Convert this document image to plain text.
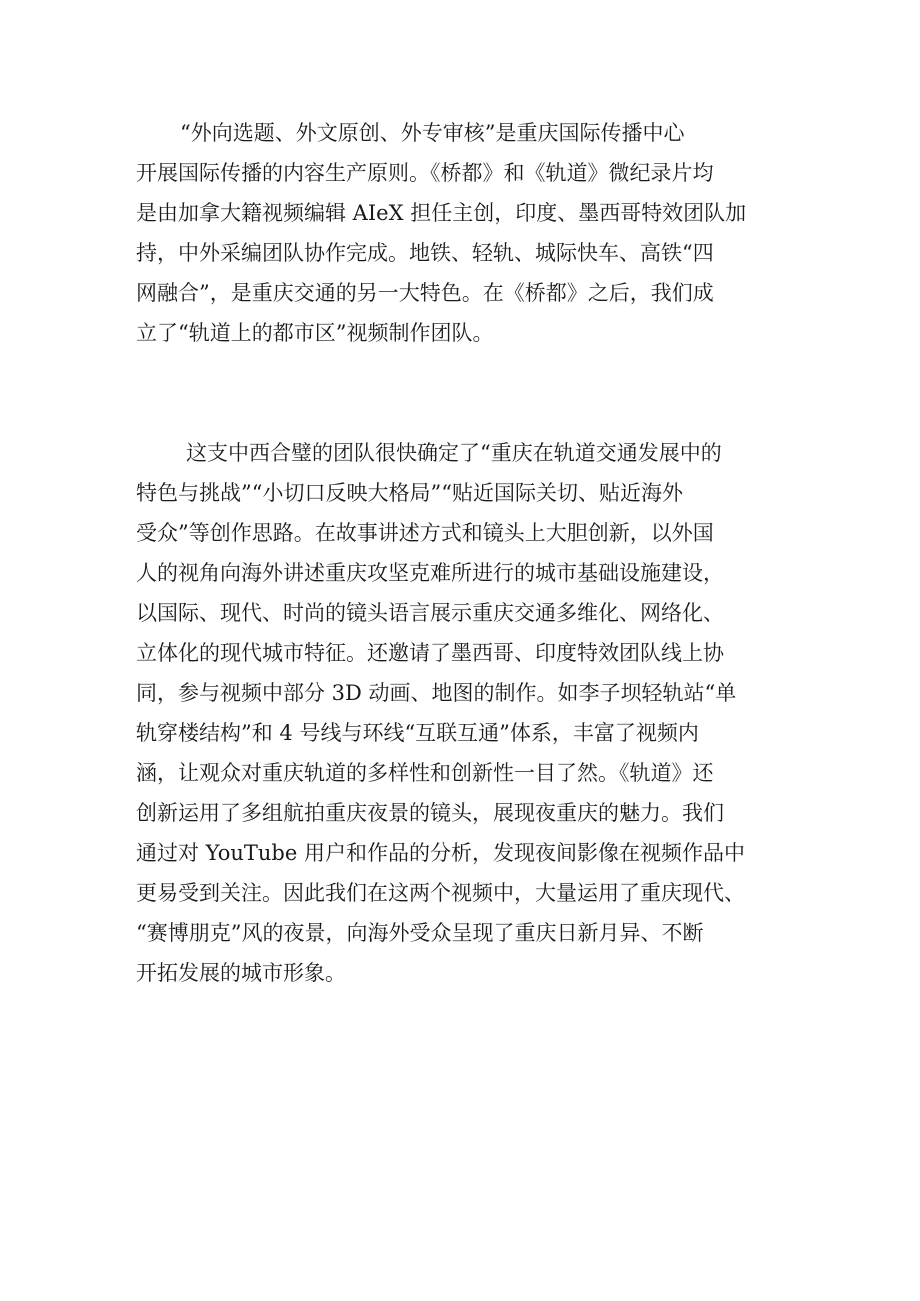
“外向选题、外文原创、外专审核”是重庆国际传播中心
开展国际传播的内容生产原则。《桥都》和《轨道》微纪录片均
是由加拿大籍视频编辑 AIeX 担任主创，印度、墨西哥特效团队加
持，中外采编团队协作完成。地铁、轻轨、城际快车、高铁“四
网融合”，是重庆交通的另一大特色。在《桥都》之后，我们成
立了“轨道上的都市区”视频制作团队。

这支中西合璧的团队很快确定了“重庆在轨道交通发展中的
特色与挑战”“小切口反映大格局”“贴近国际关切、贴近海外
受众”等创作思路。在故事讲述方式和镜头上大胆创新，以外国
人的视角向海外讲述重庆攻坚克难所进行的城市基础设施建设，
以国际、现代、时尚的镜头语言展示重庆交通多维化、网络化、
立体化的现代城市特征。还邀请了墨西哥、印度特效团队线上协
同，参与视频中部分 3D 动画、地图的制作。如李子坝轻轨站“单
轨穿楼结构”和 4 号线与环线“互联互通”体系，丰富了视频内
涵，让观众对重庆轨道的多样性和创新性一目了然。《轨道》还
创新运用了多组航拍重庆夜景的镜头，展现夜重庆的魅力。我们
通过对 YouTube 用户和作品的分析，发现夜间影像在视频作品中
更易受到关注。因此我们在这两个视频中，大量运用了重庆现代、
“赛博朋克”风的夜景，向海外受众呈现了重庆日新月异、不断
开拓发展的城市形象。
